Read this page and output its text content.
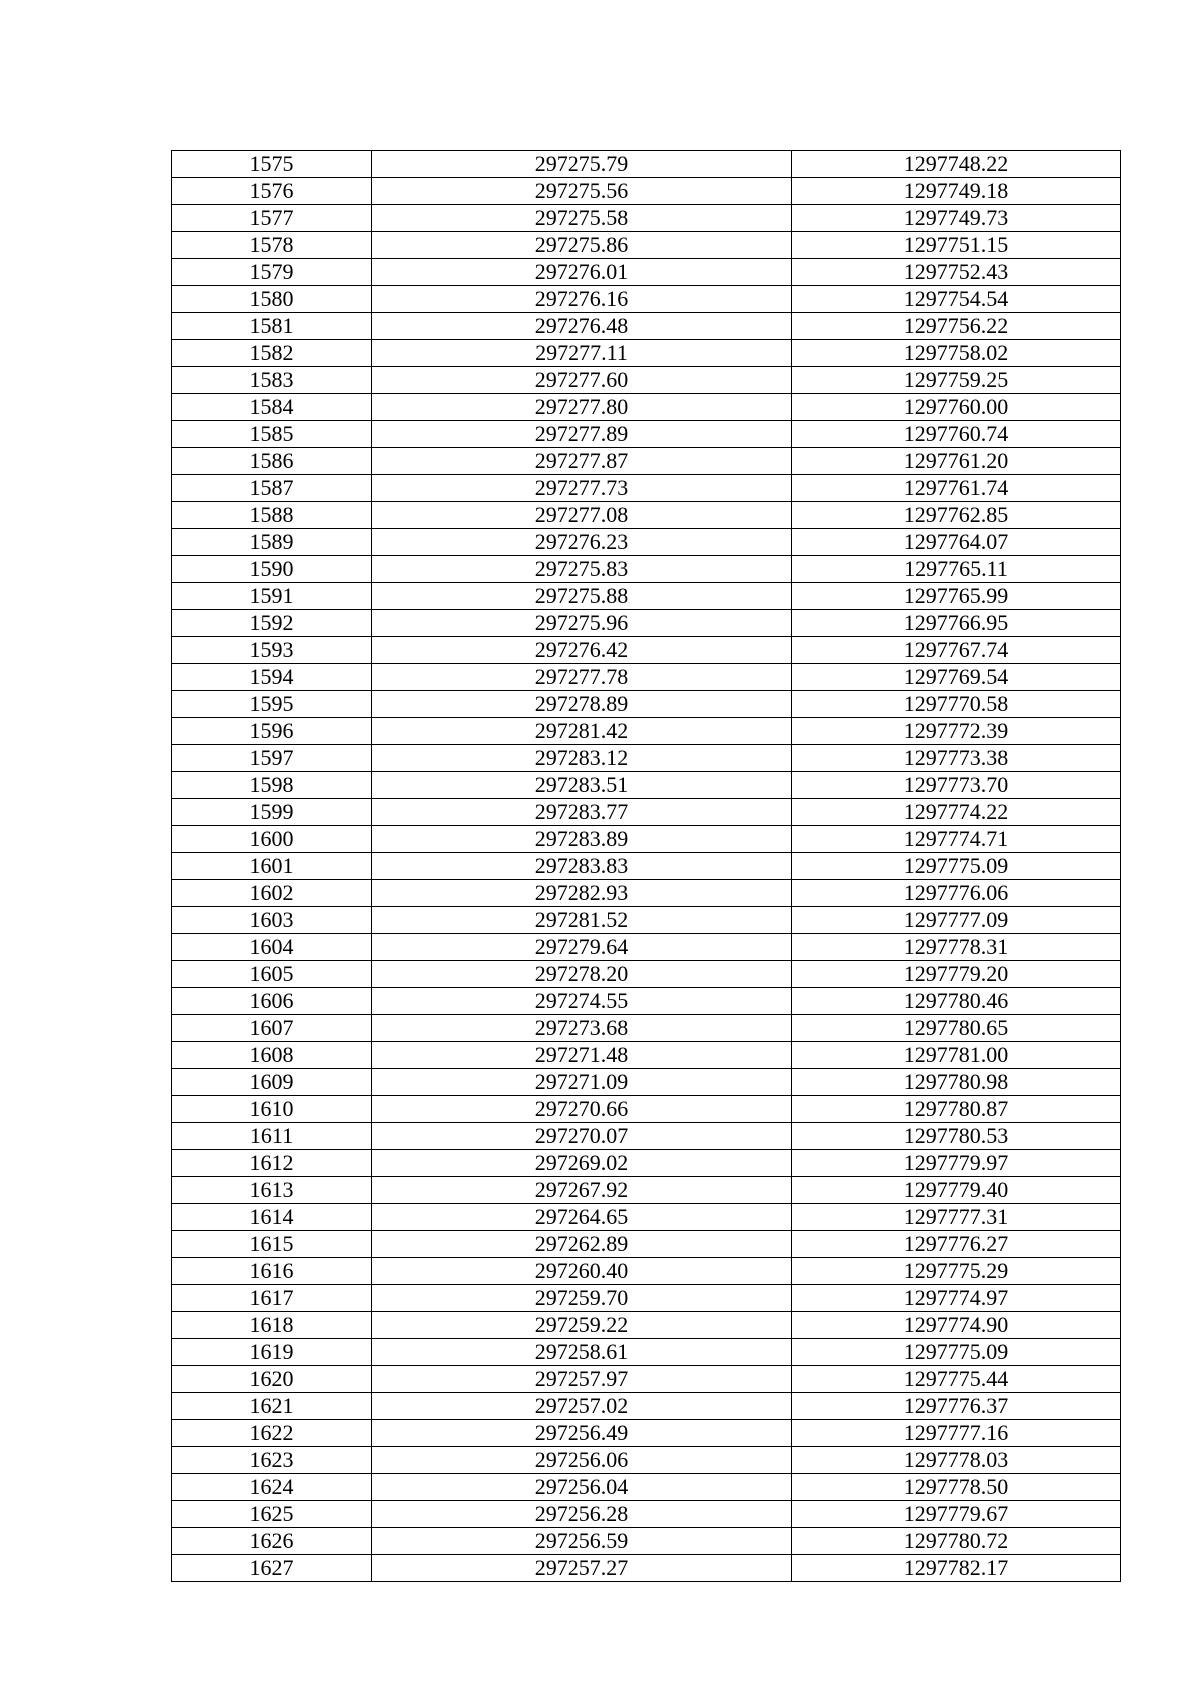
1575	297275.79	1297748.22
1576	297275.56	1297749.18
1577	297275.58	1297749.73
1578	297275.86	1297751.15
1579	297276.01	1297752.43
1580	297276.16	1297754.54
1581	297276.48	1297756.22
1582	297277.11	1297758.02
1583	297277.60	1297759.25
1584	297277.80	1297760.00
1585	297277.89	1297760.74
1586	297277.87	1297761.20
1587	297277.73	1297761.74
1588	297277.08	1297762.85
1589	297276.23	1297764.07
1590	297275.83	1297765.11
1591	297275.88	1297765.99
1592	297275.96	1297766.95
1593	297276.42	1297767.74
1594	297277.78	1297769.54
1595	297278.89	1297770.58
1596	297281.42	1297772.39
1597	297283.12	1297773.38
1598	297283.51	1297773.70
1599	297283.77	1297774.22
1600	297283.89	1297774.71
1601	297283.83	1297775.09
1602	297282.93	1297776.06
1603	297281.52	1297777.09
1604	297279.64	1297778.31
1605	297278.20	1297779.20
1606	297274.55	1297780.46
1607	297273.68	1297780.65
1608	297271.48	1297781.00
1609	297271.09	1297780.98
1610	297270.66	1297780.87
1611	297270.07	1297780.53
1612	297269.02	1297779.97
1613	297267.92	1297779.40
1614	297264.65	1297777.31
1615	297262.89	1297776.27
1616	297260.40	1297775.29
1617	297259.70	1297774.97
1618	297259.22	1297774.90
1619	297258.61	1297775.09
1620	297257.97	1297775.44
1621	297257.02	1297776.37
1622	297256.49	1297777.16
1623	297256.06	1297778.03
1624	297256.04	1297778.50
1625	297256.28	1297779.67
1626	297256.59	1297780.72
1627	297257.27	1297782.17
